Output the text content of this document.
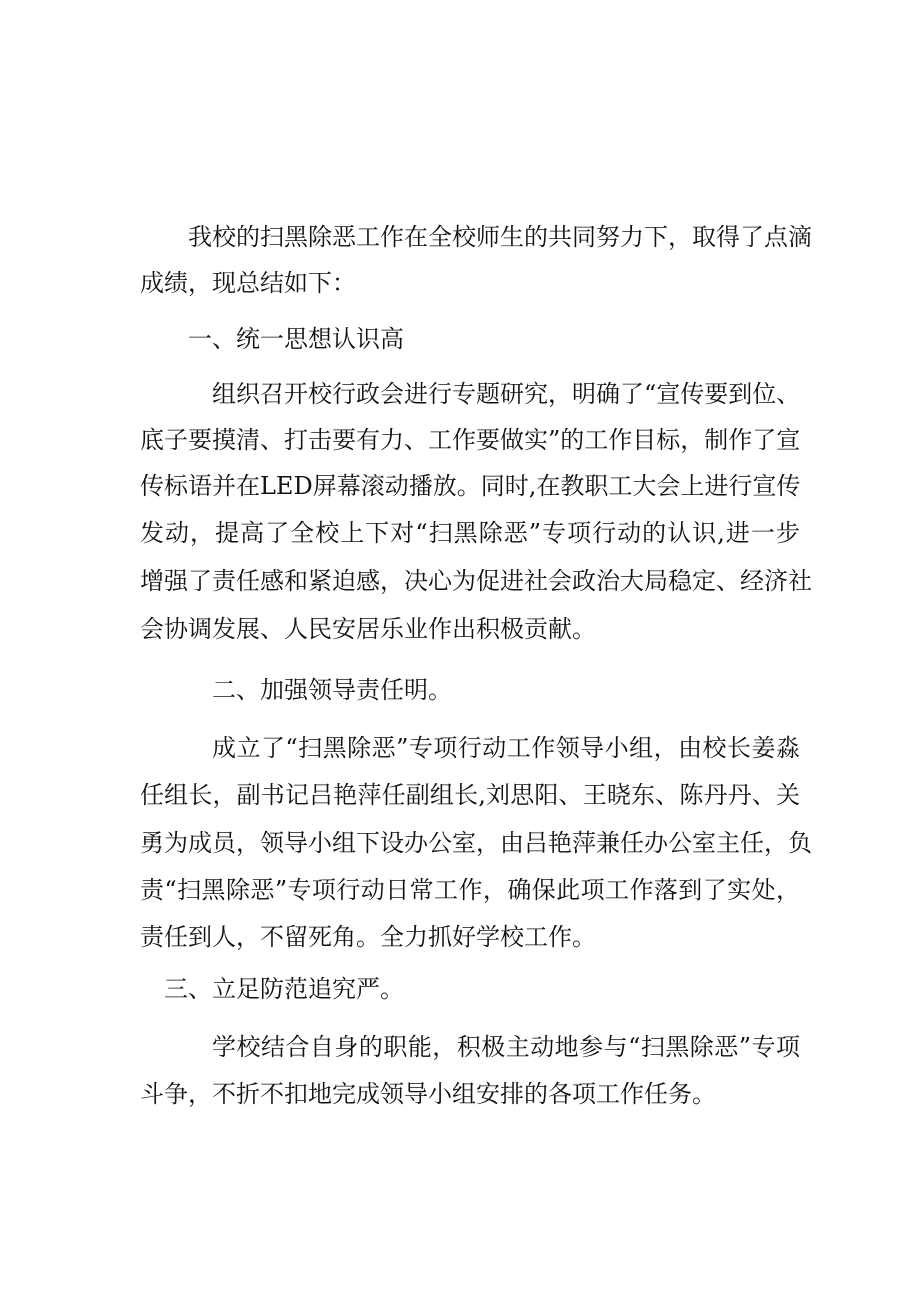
我校的扫黑除恶工作在全校师生的共同努力下，取得了点滴
成绩，现总结如下：
一、统一思想认识高
组织召开校行政会进行专题研究，明确了“宣传要到位、
底子要摸清、打击要有力、工作要做实”的工作目标，制作了宣
传标语并在LED屏幕滚动播放。同时,在教职工大会上进行宣传
发动，提高了全校上下对“扫黑除恶”专项行动的认识,进一步
增强了责任感和紧迫感，决心为促进社会政治大局稳定、经济社
会协调发展、人民安居乐业作出积极贡献。
二、加强领导责任明。
成立了“扫黑除恶”专项行动工作领导小组，由校长姜淼
任组长，副书记吕艳萍任副组长,刘思阳、王晓东、陈丹丹、关
勇为成员，领导小组下设办公室，由吕艳萍兼任办公室主任，负
责“扫黑除恶”专项行动日常工作，确保此项工作落到了实处，
责任到人，不留死角。全力抓好学校工作。
三、立足防范追究严。
学校结合自身的职能，积极主动地参与“扫黑除恶”专项
斗争，不折不扣地完成领导小组安排的各项工作任务。
